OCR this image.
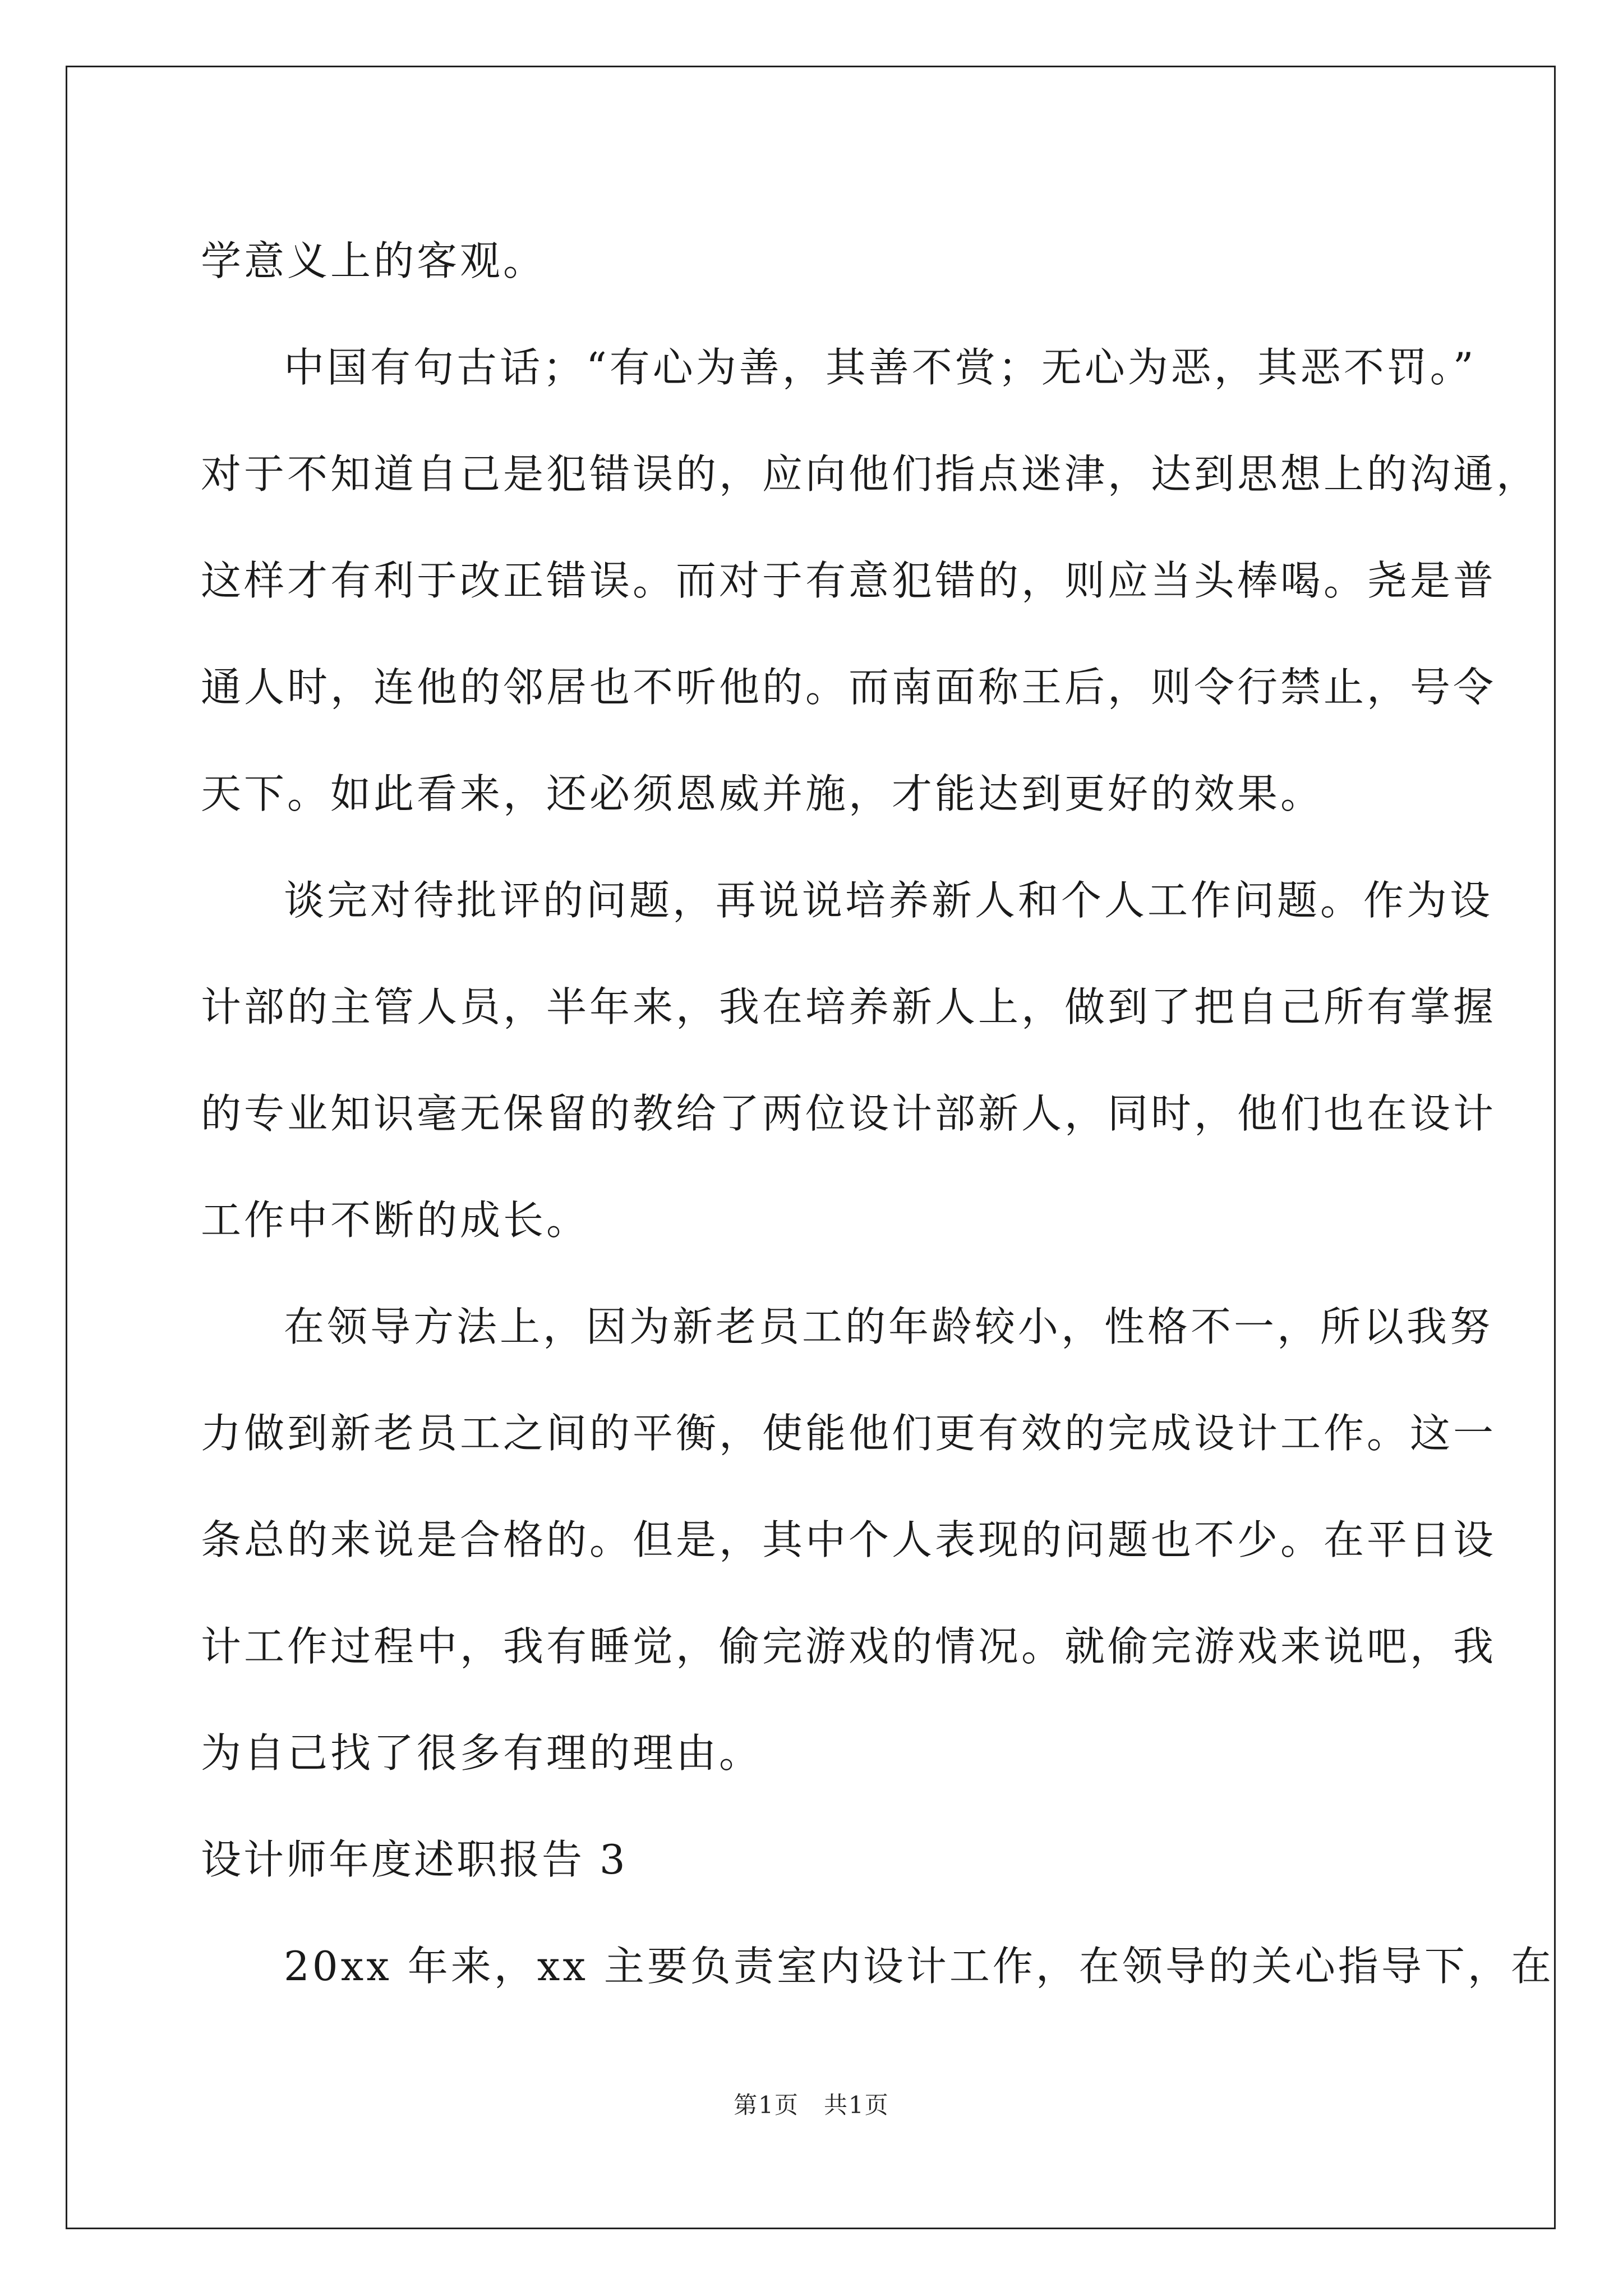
学意义上的客观。
中国有句古话；“有心为善，其善不赏；无心为恶，其恶不罚。”
对于不知道自己是犯错误的，应向他们指点迷津，达到思想上的沟通，
这样才有利于改正错误。而对于有意犯错的，则应当头棒喝。尧是普
通人时，连他的邻居也不听他的。而南面称王后，则令行禁止，号令
天下。如此看来，还必须恩威并施，才能达到更好的效果。
谈完对待批评的问题，再说说培养新人和个人工作问题。作为设
计部的主管人员，半年来，我在培养新人上，做到了把自己所有掌握
的专业知识毫无保留的教给了两位设计部新人，同时，他们也在设计
工作中不断的成长。
在领导方法上，因为新老员工的年龄较小，性格不一，所以我努
力做到新老员工之间的平衡，使能他们更有效的完成设计工作。这一
条总的来说是合格的。但是，其中个人表现的问题也不少。在平日设
计工作过程中，我有睡觉，偷完游戏的情况。就偷完游戏来说吧，我
为自己找了很多有理的理由。
设计师年度述职报告 3
20xx 年来，xx 主要负责室内设计工作，在领导的关心指导下，在
第1页 共1页
